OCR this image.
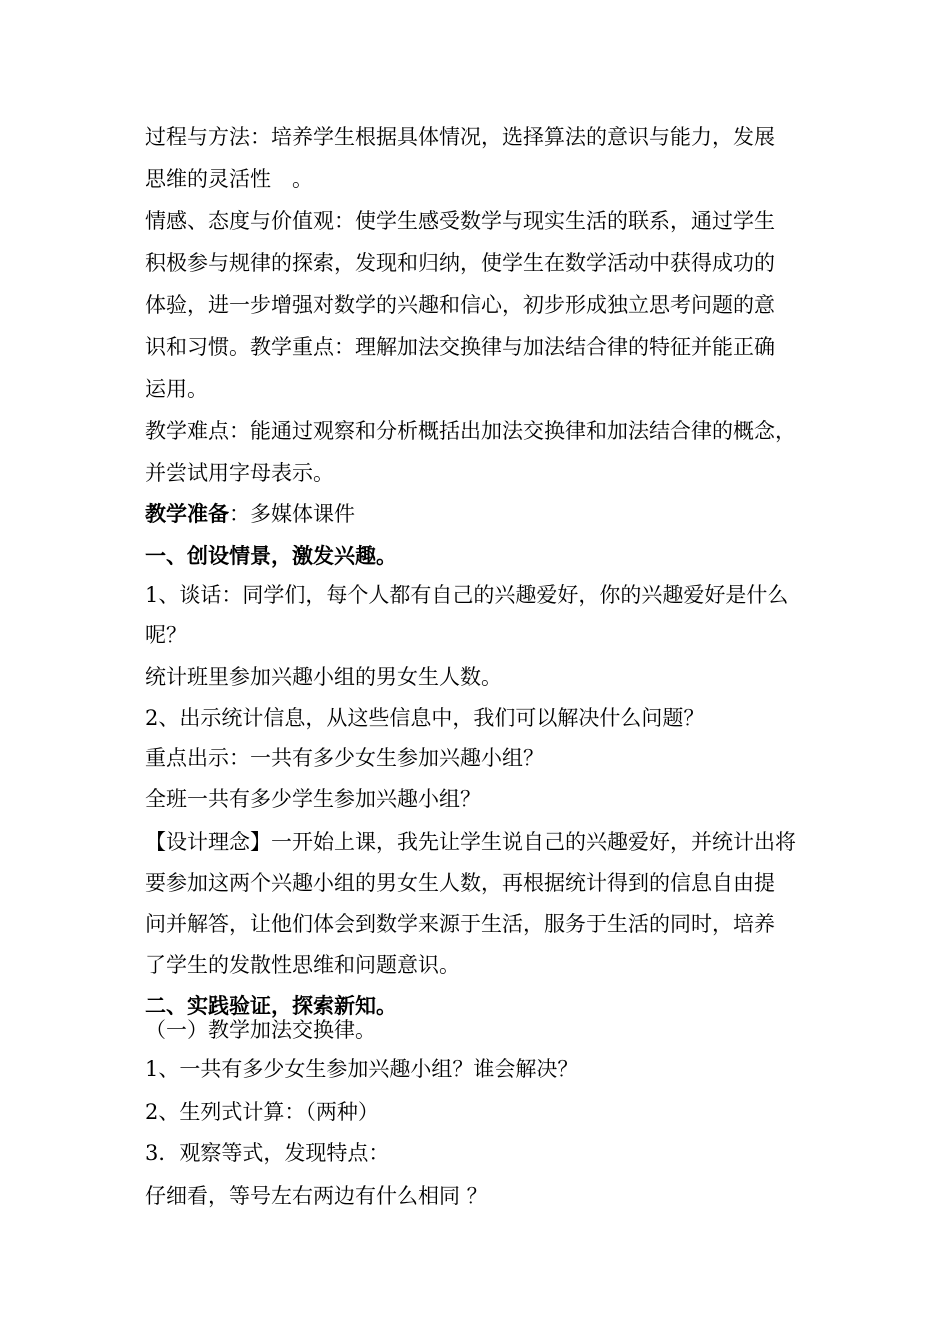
过程与方法：培养学生根据具体情况，选择算法的意识与能力，发展
思维的灵活性　。
情感、态度与价值观：使学生感受数学与现实生活的联系，通过学生
积极参与规律的探索，发现和归纳，使学生在数学活动中获得成功的
体验，进一步增强对数学的兴趣和信心，初步形成独立思考问题的意
识和习惯。教学重点：理解加法交换律与加法结合律的特征并能正确
运用。
教学难点：能通过观察和分析概括出加法交换律和加法结合律的概念，
并尝试用字母表示。
教学准备：多媒体课件
一、创设情景，激发兴趣。
1、谈话：同学们，每个人都有自己的兴趣爱好，你的兴趣爱好是什么
呢？
统计班里参加兴趣小组的男女生人数。
2、出示统计信息，从这些信息中，我们可以解决什么问题？
重点出示：一共有多少女生参加兴趣小组？
全班一共有多少学生参加兴趣小组？
【设计理念】一开始上课，我先让学生说自己的兴趣爱好，并统计出将
要参加这两个兴趣小组的男女生人数，再根据统计得到的信息自由提
问并解答，让他们体会到数学来源于生活，服务于生活的同时，培养
了学生的发散性思维和问题意识。
二、实践验证，探索新知。
（一）教学加法交换律。
1、一共有多少女生参加兴趣小组？谁会解决？
2、生列式计算：（两种）
3．观察等式，发现特点：
仔细看，等号左右两边有什么相同 ？
